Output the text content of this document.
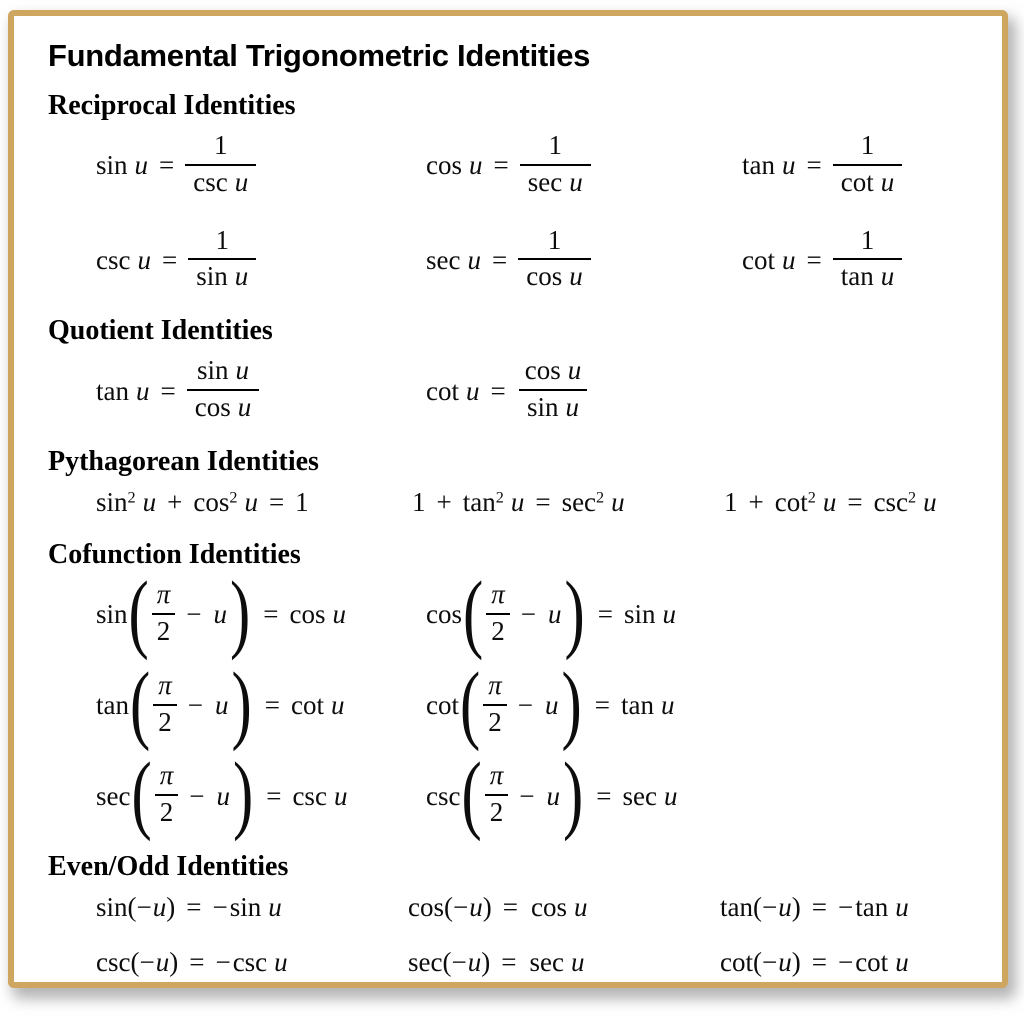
Fundamental Trigonometric Identities
Reciprocal Identities
$\sin u = \frac{1}{\text{csc u}}$	$\cos u = \frac{1}{\text{sec u}}$	$\tan u = \frac{1}{\text{cot u}}$
$\csc u = \frac{1}{\text{sin u}}$	$\sec u = \frac{1}{\text{cos u}}$	$\cot u = \frac{1}{\text{tan u}}$
Quotient Identities
$\tan u = \frac{\text{sin u}}{\text{cos u}}$	$\cot u = \frac{\text{cos u}}{\text{sin u}}$
Pythagorean Identities
$\sin^2 u + \cos^2 u = 1$	$1 + \tan^2 u = \sec^2 u$	$1 + \cot^2 u = \csc^2 u$
Cofunction Identities
sin ( $\frac{\pi}{2} - u$ ) = cos u	cos ( $\frac{\pi}{2} - u$ ) = sin u
tan ( $\frac{\pi}{2} - u$ ) = cot u	cot ( $\frac{\pi}{2} - u$ ) = tan u
sec ( $\frac{\pi}{2} - u$ ) = csc u	csc ( $\frac{\pi}{2} - u$ ) = sec u
Even/Odd Identities
sin(−u) = −sin u	cos(−u) = cos u	tan(−u) = −tan u
csc(−u) = −csc u	sec(−u) = sec u	cot(−u) = −cot u
